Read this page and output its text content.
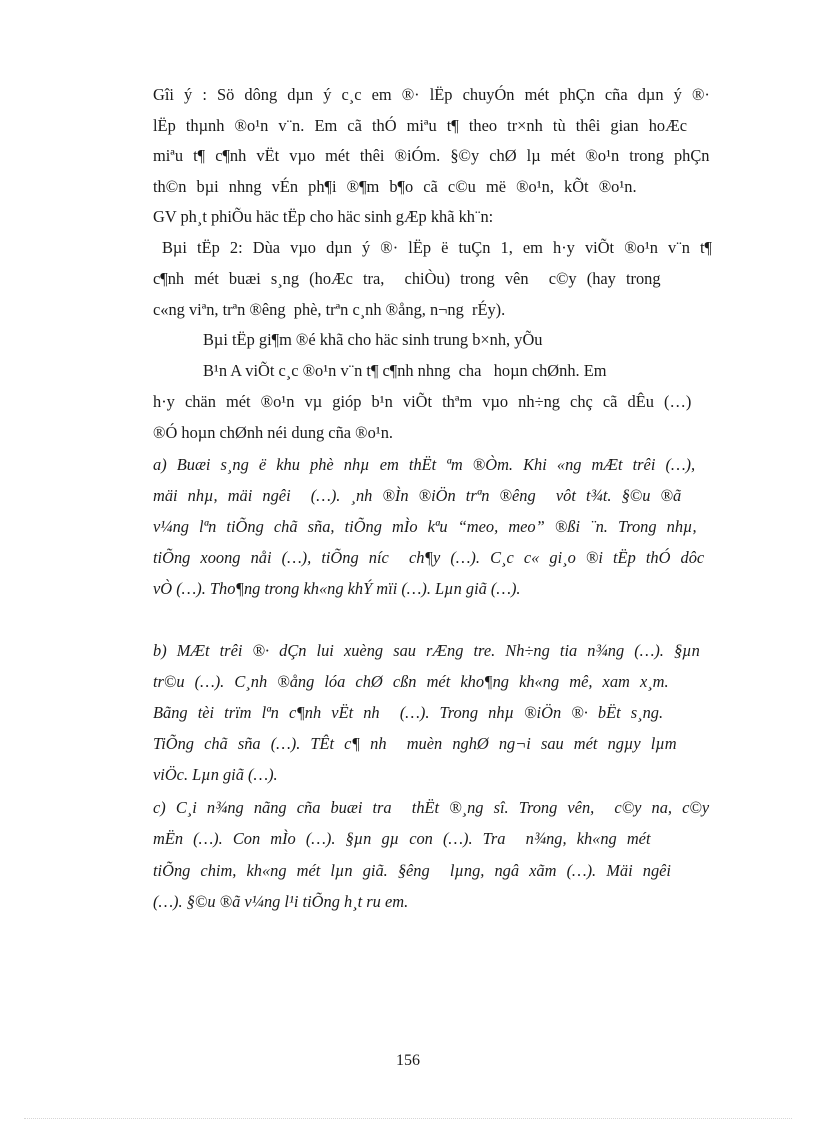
Gîi ý : Sö dông dµn ý c¸c em ®· lËp chuyÓn mét phÇn cña dµn ý ®·
lËp thµnh ®o¹n v¨n. Em cã thÓ miªu t¶ theo tr×nh tù thêi gian hoÆc
miªu t¶ c¶nh vËt vµo mét thêi ®iÓm. §©y chØ lµ mét ®o¹n trong phÇn
th©n bµi nhng vÉn ph¶i ®¶m b¶o cã c©u më ®o¹n, kÕt ®o¹n.
GV ph¸t phiÕu häc tËp cho häc sinh gÆp khã kh¨n:
Bµi tËp 2: Dùa vµo dµn ý ®· lËp ë tuÇn 1, em h·y viÕt ®o¹n v¨n t¶
c¶nh mét buæi s¸ng (hoÆc tra,  chiÒu) trong vên  c©y (hay trong
c«ng viªn, trªn ®êng  phè, trªn c¸nh ®ång, n¬ng  rÉy).
Bµi tËp gi¶m ®é khã cho häc sinh trung b×nh, yÕu
B¹n A viÕt c¸c ®o¹n v¨n t¶ c¶nh nhng  cha   hoµn chØnh. Em
h·y chän mét ®o¹n vµ gióp b¹n viÕt thªm vµo nh÷ng chç cã dÊu (…)
®Ó hoµn chØnh néi dung cña ®o¹n.
a) Buæi s¸ng ë khu phè nhµ em thËt ªm ®Òm. Khi «ng mÆt trêi (…),
mäi nhµ, mäi ngêi  (…). ¸nh ®Ìn ®iÖn trªn ®êng  vôt t¾t. §©u ®ã
v¼ng lªn tiÕng chã sña, tiÕng mÌo kªu “meo, meo” ®ßi ¨n. Trong nhµ,
tiÕng xoong nåi (…), tiÕng níc  ch¶y (…). C¸c c« gi¸o ®i tËp thÓ dôc
vÒ (…). Tho¶ng trong kh«ng khÝ mïi (…). Lµn giã (…).
b) MÆt trêi ®· dÇn lui xuèng sau rÆng tre. Nh÷ng tia n¾ng (…). §µn
tr©u (…). C¸nh ®ång lóa chØ cßn mét kho¶ng kh«ng mê, xam x¸m.
Bãng tèi trïm lªn c¶nh vËt nh  (…). Trong nhµ ®iÖn ®· bËt s¸ng.
TiÕng chã sña (…). TÊt c¶ nh  muèn nghØ ng¬i sau mét ngµy lµm
viÖc. Lµn giã (…).
c) C¸i n¾ng nãng cña buæi tra  thËt ®¸ng sî. Trong vên,  c©y na, c©y
mËn (…). Con mÌo (…). §µn gµ con (…). Tra  n¾ng, kh«ng mét
tiÕng chim, kh«ng mét lµn giã. §êng  lµng, ngâ xãm (…). Mäi ngêi
(…). §©u ®ã v¼ng l¹i tiÕng h¸t ru em.
156
